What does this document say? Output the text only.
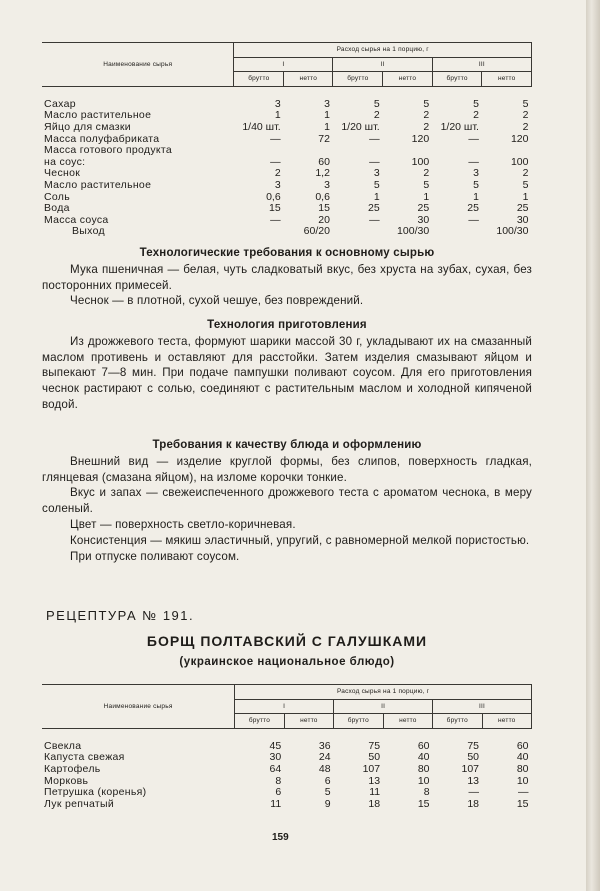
Наименование сырья	Расход сырья на 1 порцию, г					
	I		II		III	
	брутто	нетто	брутто	нетто	брутто	нетто
Сахар	3	3	5	5	5	5
Масло растительное	1	1	2	2	2	2
Яйцо для смазки	1/40 шт.	1	1/20 шт.	2	1/20 шт.	2
Масса полуфабриката	—	72	—	120	—	120
Масса готового продукта						
на соус:	—	60	—	100	—	100
Чеснок	2	1,2	3	2	3	2
Масло растительное	3	3	5	5	5	5
Соль	0,6	0,6	1	1	1	1
Вода	15	15	25	25	25	25
Масса соуса	—	20	—	30	—	30
Выход		60/20		100/30		100/30

Технологические требования к основному сырью

Мука пшеничная — белая, чуть сладковатый вкус, без хруста на зубах, сухая, без посторонних примесей.

Чеснок — в плотной, сухой чешуе, без повреждений.

Технология приготовления

Из дрожжевого теста, формуют шарики массой 30 г, укладывают их на смазанный маслом противень и оставляют для расстойки. Затем изделия смазывают яйцом и выпекают 7—8 мин. При подаче пампушки поливают соусом. Для его приготовления чеснок растирают с солью, соединяют с растительным маслом и холодной кипяченой водой.

Требования к качеству блюда и оформлению

Внешний вид — изделие круглой формы, без слипов, поверхность гладкая, глянцевая (смазана яйцом), на изломе корочки тонкие.

Вкус и запах — свежеиспеченного дрожжевого теста с ароматом чеснока, в меру соленый.

Цвет — поверхность светло-коричневая.

Консистенция — мякиш эластичный, упругий, с равномерной мелкой пористостью.

При отпуске поливают соусом.

РЕЦЕПТУРА № 191.
БОРЩ ПОЛТАВСКИЙ С ГАЛУШКАМИ
(украинское национальное блюдо)
Наименование сырья	Расход сырья на 1 порцию, г					
	I		II		III	
	брутто	нетто	брутто	нетто	брутто	нетто
Свекла	45	36	75	60	75	60
Капуста свежая	30	24	50	40	50	40
Картофель	64	48	107	80	107	80
Морковь	8	6	13	10	13	10
Петрушка (коренья)	6	5	11	8	—	—
Лук репчатый	11	9	18	15	18	15
159
